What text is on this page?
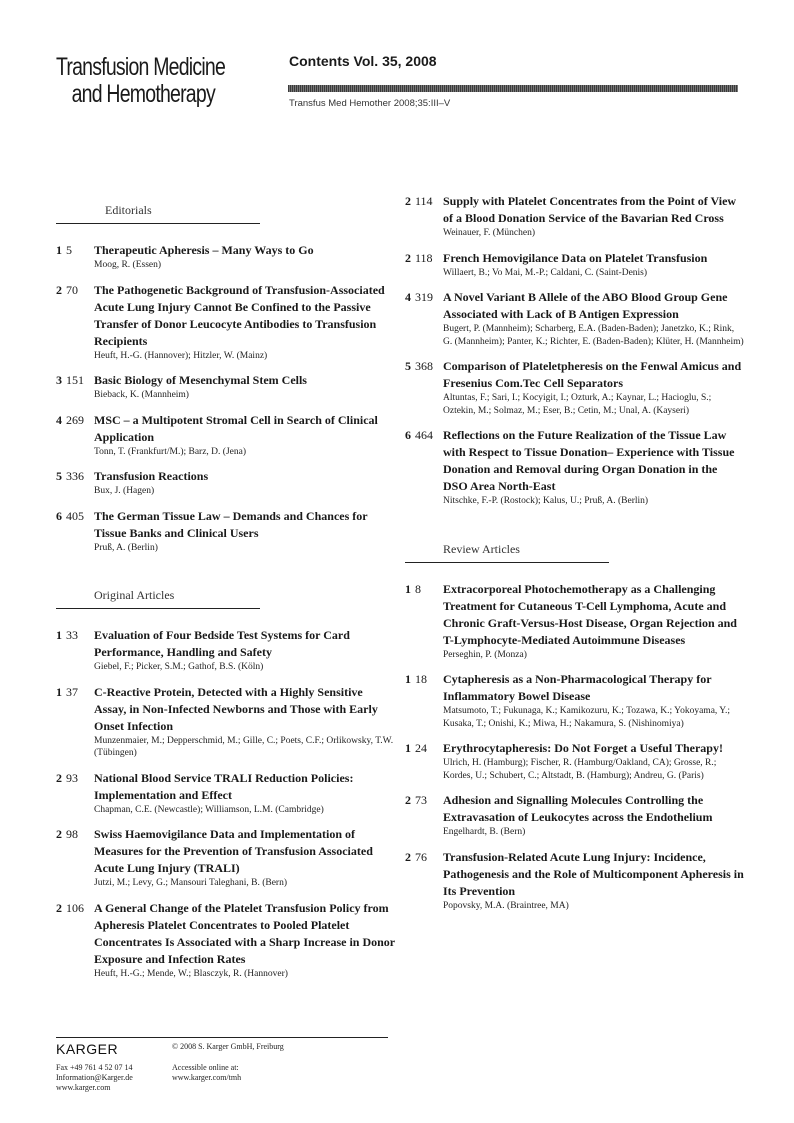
Transfusion Medicine
and Hemotherapy
Contents Vol. 35, 2008
Transfus Med Hemother 2008;35:III–V
Editorials
1 5 Therapeutic Apheresis – Many Ways to Go
Moog, R. (Essen)
2 70 The Pathogenetic Background of Transfusion-Associated Acute Lung Injury Cannot Be Confined to the Passive Transfer of Donor Leucocyte Antibodies to Transfusion Recipients
Heuft, H.-G. (Hannover); Hitzler, W. (Mainz)
3 151 Basic Biology of Mesenchymal Stem Cells
Bieback, K. (Mannheim)
4 269 MSC – a Multipotent Stromal Cell in Search of Clinical Application
Tonn, T. (Frankfurt/M.); Barz, D. (Jena)
5 336 Transfusion Reactions
Bux, J. (Hagen)
6 405 The German Tissue Law – Demands and Chances for Tissue Banks and Clinical Users
Pruß, A. (Berlin)
Original Articles
1 33 Evaluation of Four Bedside Test Systems for Card Performance, Handling and Safety
Giebel, F.; Picker, S.M.; Gathof, B.S. (Köln)
1 37 C-Reactive Protein, Detected with a Highly Sensitive Assay, in Non-Infected Newborns and Those with Early Onset Infection
Munzenmaier, M.; Depperschmid, M.; Gille, C.; Poets, C.F.; Orlikowsky, T.W. (Tübingen)
2 93 National Blood Service TRALI Reduction Policies: Implementation and Effect
Chapman, C.E. (Newcastle); Williamson, L.M. (Cambridge)
2 98 Swiss Haemovigilance Data and Implementation of Measures for the Prevention of Transfusion Associated Acute Lung Injury (TRALI)
Jutzi, M.; Levy, G.; Mansouri Taleghani, B. (Bern)
2 106 A General Change of the Platelet Transfusion Policy from Apheresis Platelet Concentrates to Pooled Platelet Concentrates Is Associated with a Sharp Increase in Donor Exposure and Infection Rates
Heuft, H.-G.; Mende, W.; Blasczyk, R. (Hannover)
2 114 Supply with Platelet Concentrates from the Point of View of a Blood Donation Service of the Bavarian Red Cross
Weinauer, F. (München)
2 118 French Hemovigilance Data on Platelet Transfusion
Willaert, B.; Vo Mai, M.-P.; Caldani, C. (Saint-Denis)
4 319 A Novel Variant B Allele of the ABO Blood Group Gene Associated with Lack of B Antigen Expression
Bugert, P. (Mannheim); Scharberg, E.A. (Baden-Baden); Janetzko, K.; Rink, G. (Mannheim); Panter, K.; Richter, E. (Baden-Baden); Klüter, H. (Mannheim)
5 368 Comparison of Plateletpheresis on the Fenwal Amicus and Fresenius Com.Tec Cell Separators
Altuntas, F.; Sari, I.; Kocyigit, I.; Ozturk, A.; Kaynar, L.; Hacioglu, S.; Oztekin, M.; Solmaz, M.; Eser, B.; Cetin, M.; Unal, A. (Kayseri)
6 464 Reflections on the Future Realization of the Tissue Law with Respect to Tissue Donation– Experience with Tissue Donation and Removal during Organ Donation in the DSO Area North-East
Nitschke, F.-P. (Rostock); Kalus, U.; Pruß, A. (Berlin)
Review Articles
1 8 Extracorporeal Photochemotherapy as a Challenging Treatment for Cutaneous T-Cell Lymphoma, Acute and Chronic Graft-Versus-Host Disease, Organ Rejection and T-Lymphocyte-Mediated Autoimmune Diseases
Perseghin, P. (Monza)
1 18 Cytapheresis as a Non-Pharmacological Therapy for Inflammatory Bowel Disease
Matsumoto, T.; Fukunaga, K.; Kamikozuru, K.; Tozawa, K.; Yokoyama, Y.; Kusaka, T.; Onishi, K.; Miwa, H.; Nakamura, S. (Nishinomiya)
1 24 Erythrocytapheresis: Do Not Forget a Useful Therapy!
Ulrich, H. (Hamburg); Fischer, R. (Hamburg/Oakland, CA); Grosse, R.; Kordes, U.; Schubert, C.; Altstadt, B. (Hamburg); Andreu, G. (Paris)
2 73 Adhesion and Signalling Molecules Controlling the Extravasation of Leukocytes across the Endothelium
Engelhardt, B. (Bern)
2 76 Transfusion-Related Acute Lung Injury: Incidence, Pathogenesis and the Role of Multicomponent Apheresis in Its Prevention
Popovsky, M.A. (Braintree, MA)
KARGER
Fax +49 761 4 52 07 14
Information@Karger.de
www.karger.com
© 2008 S. Karger GmbH, Freiburg
Accessible online at:
www.karger.com/tmh
